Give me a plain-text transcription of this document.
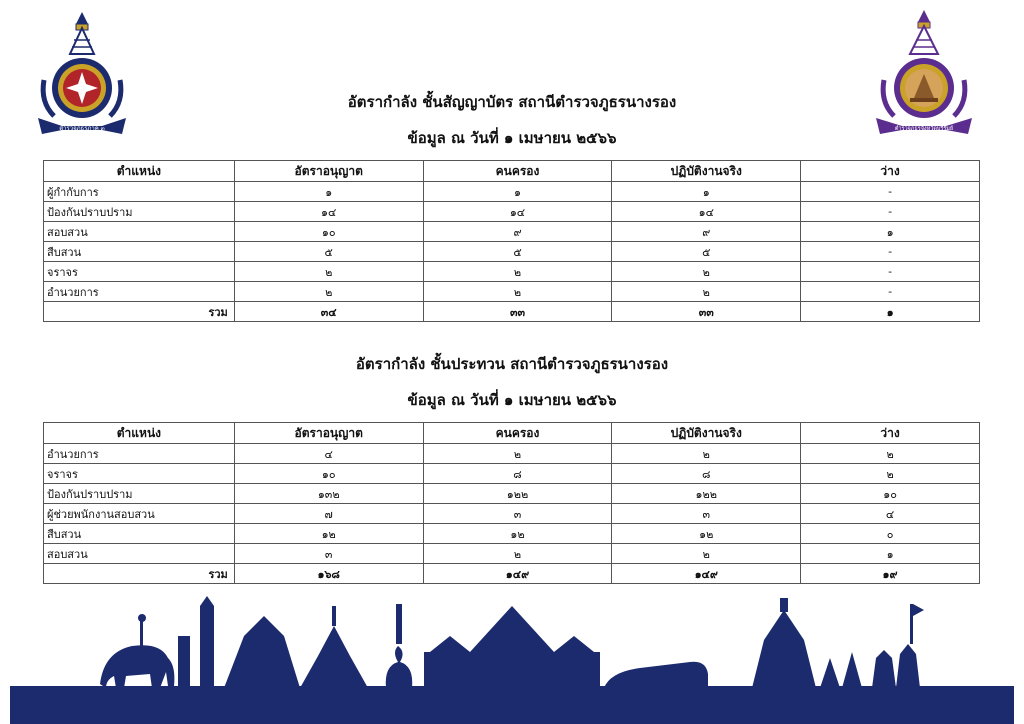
ตำรวจภูธรภาค ๓	ตำรวจภูธรจังหวัดบุรีรัมย์
อัตรากำลัง ชั้นสัญญาบัตร สถานีตำรวจภูธรนางรอง
ข้อมูล ณ วันที่ ๑ เมษายน ๒๕๖๖
ตำแหน่ง	อัตราอนุญาต	คนครอง	ปฏิบัติงานจริง	ว่าง
ผู้กำกับการ	๑	๑	๑	-
ป้องกันปราบปราม	๑๔	๑๔	๑๔	-
สอบสวน	๑๐	๙	๙	๑
สืบสวน	๕	๕	๕	-
จราจร	๒	๒	๒	-
อำนวยการ	๒	๒	๒	-
รวม	๓๔	๓๓	๓๓	๑
อัตรากำลัง ชั้นประทวน สถานีตำรวจภูธรนางรอง
ข้อมูล ณ วันที่ ๑ เมษายน ๒๕๖๖
ตำแหน่ง	อัตราอนุญาต	คนครอง	ปฏิบัติงานจริง	ว่าง
อำนวยการ	๔	๒	๒	๒
จราจร	๑๐	๘	๘	๒
ป้องกันปราบปราม	๑๓๒	๑๒๒	๑๒๒	๑๐
ผู้ช่วยพนักงานสอบสวน	๗	๓	๓	๔
สืบสวน	๑๒	๑๒	๑๒	๐
สอบสวน	๓	๒	๒	๑
รวม	๑๖๘	๑๔๙	๑๔๙	๑๙
